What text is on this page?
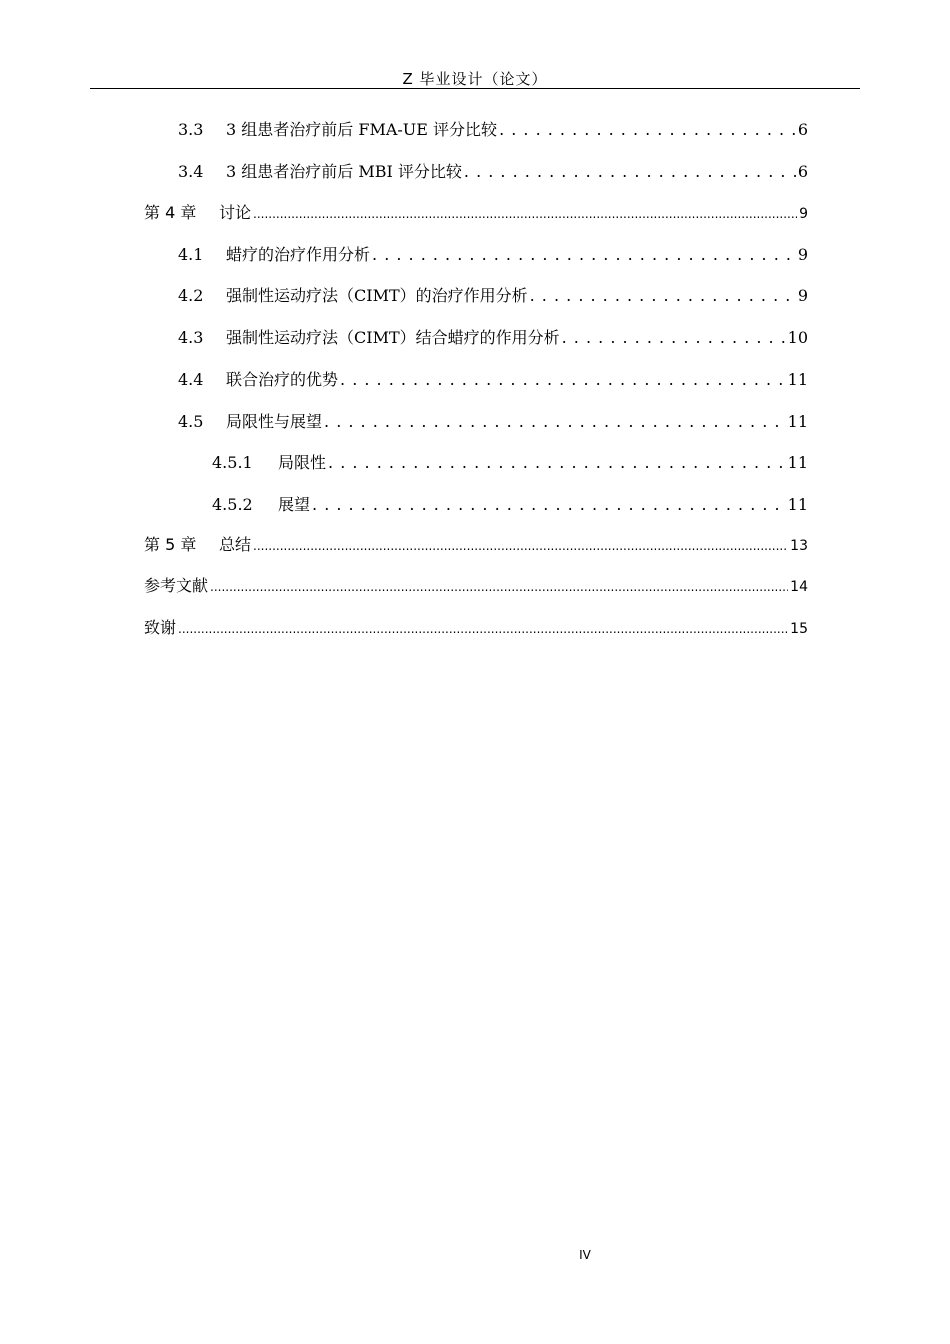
Z 毕业设计（论文）
3.3	3 组患者治疗前后 FMA-UE 评分比较 . . .	6
3.4	3 组患者治疗前后 MBI 评分比较 . . .	6
第 4 章	讨论 .....	9
4.1	蜡疗的治疗作用分析 . . .	9
4.2	强制性运动疗法（CIMT）的治疗作用分析 . . .	9
4.3	强制性运动疗法（CIMT）结合蜡疗的作用分析 . . .	10
4.4	联合治疗的优势 . . .	11
4.5	局限性与展望 . . .	11
4.5.1	局限性 . . .	11
4.5.2	展望 . . .	11
第 5 章	总结 .....	13
参考文献 .....	14
致谢 .....	15
IV
